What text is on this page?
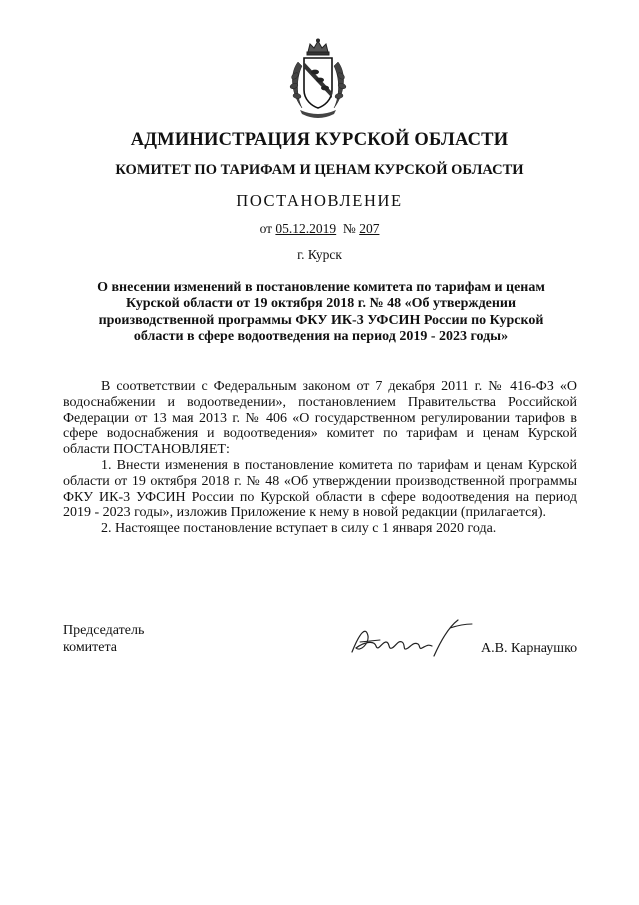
АДМИНИСТРАЦИЯ КУРСКОЙ ОБЛАСТИ
КОМИТЕТ ПО ТАРИФАМ И ЦЕНАМ КУРСКОЙ ОБЛАСТИ
ПОСТАНОВЛЕНИЕ
от 05.12.2019 № 207
г. Курск
О внесении изменений в постановление комитета по тарифам и ценам Курской области от 19 октября 2018 г. № 48 «Об утверждении производственной программы ФКУ ИК-3 УФСИН России по Курской области в сфере водоотведения на период 2019 - 2023 годы»

В соответствии с Федеральным законом от 7 декабря 2011 г. № 416-ФЗ «О водоснабжении и водоотведении», постановлением Правительства Российской Федерации от 13 мая 2013 г. № 406 «О государственном регулировании тарифов в сфере водоснабжения и водоотведения» комитет по тарифам и ценам Курской области ПОСТАНОВЛЯЕТ:

1. Внести изменения в постановление комитета по тарифам и ценам Курской области от 19 октября 2018 г. № 48 «Об утверждении производственной программы ФКУ ИК-3 УФСИН России по Курской области в сфере водоотведения на период 2019 - 2023 годы», изложив Приложение к нему в новой редакции (прилагается).

2. Настоящее постановление вступает в силу с 1 января 2020 года.

Председатель
комитета	А.В. Карнаушко
